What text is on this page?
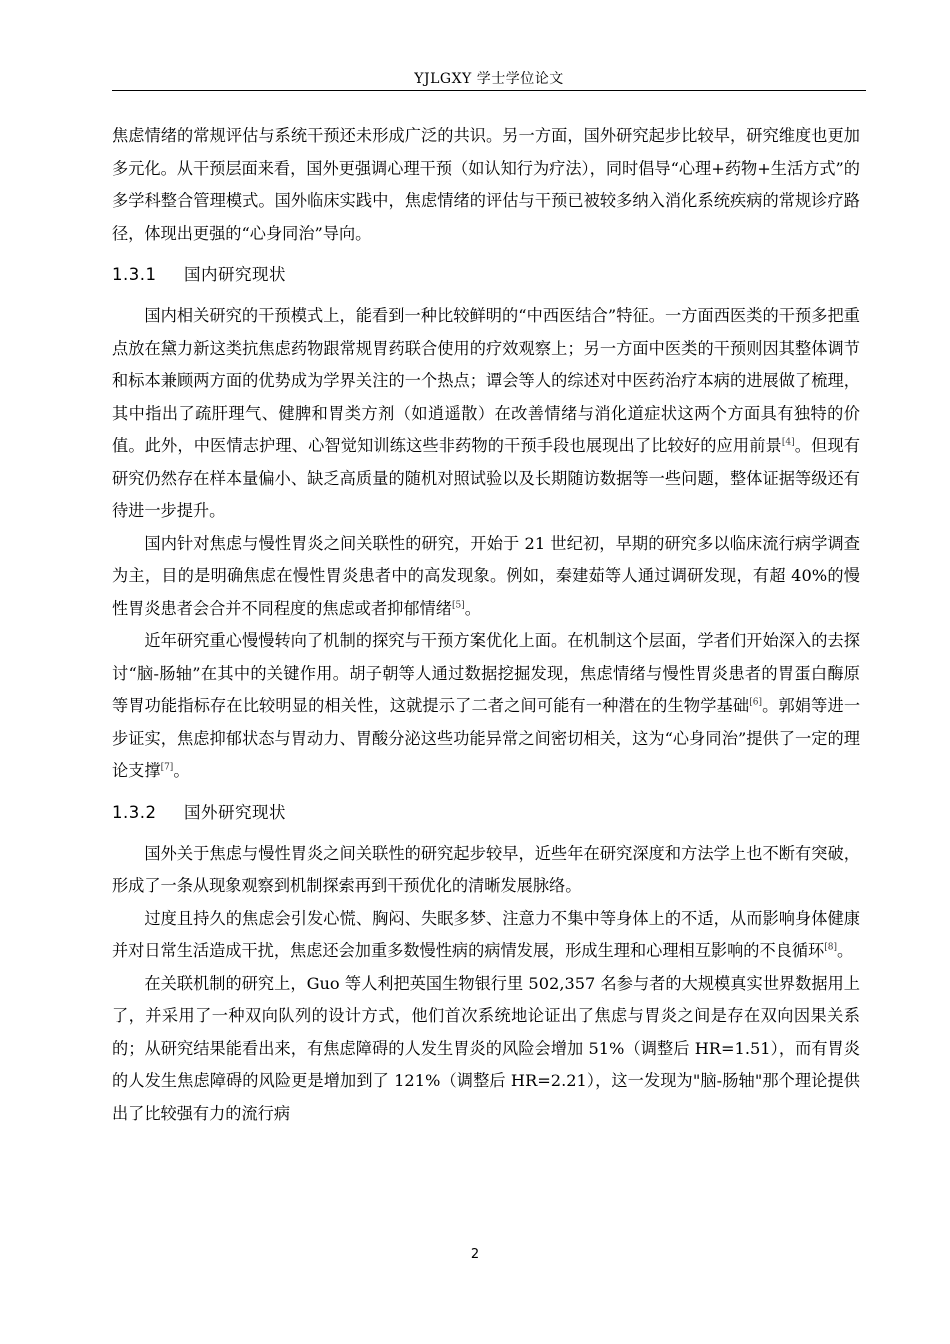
YJLGXY 学士学位论文

焦虑情绪的常规评估与系统干预还未形成广泛的共识。另一方面，国外研究起步比较早，研究维度也更加多元化。从干预层面来看，国外更强调心理干预（如认知行为疗法），同时倡导“心理+药物+生活方式”的多学科整合管理模式。国外临床实践中，焦虑情绪的评估与干预已被较多纳入消化系统疾病的常规诊疗路径，体现出更强的“心身同治”导向。

1.3.1 国内研究现状

国内相关研究的干预模式上，能看到一种比较鲜明的“中西医结合”特征。一方面西医类的干预多把重点放在黛力新这类抗焦虑药物跟常规胃药联合使用的疗效观察上；另一方面中医类的干预则因其整体调节和标本兼顾两方面的优势成为学界关注的一个热点；谭会等人的综述对中医药治疗本病的进展做了梳理，其中指出了疏肝理气、健脾和胃类方剂（如逍遥散）在改善情绪与消化道症状这两个方面具有独特的价值。此外，中医情志护理、心智觉知训练这些非药物的干预手段也展现出了比较好的应用前景[4]。但现有研究仍然存在样本量偏小、缺乏高质量的随机对照试验以及长期随访数据等一些问题，整体证据等级还有待进一步提升。

国内针对焦虑与慢性胃炎之间关联性的研究，开始于 21 世纪初，早期的研究多以临床流行病学调查为主，目的是明确焦虑在慢性胃炎患者中的高发现象。例如，秦建茹等人通过调研发现，有超 40%的慢性胃炎患者会合并不同程度的焦虑或者抑郁情绪[5]。

近年研究重心慢慢转向了机制的探究与干预方案优化上面。在机制这个层面，学者们开始深入的去探讨“脑-肠轴”在其中的关键作用。胡子朝等人通过数据挖掘发现，焦虑情绪与慢性胃炎患者的胃蛋白酶原等胃功能指标存在比较明显的相关性，这就提示了二者之间可能有一种潜在的生物学基础[6]。郭娟等进一步证实，焦虑抑郁状态与胃动力、胃酸分泌这些功能异常之间密切相关，这为“心身同治”提供了一定的理论支撑[7]。

1.3.2 国外研究现状

国外关于焦虑与慢性胃炎之间关联性的研究起步较早，近些年在研究深度和方法学上也不断有突破，形成了一条从现象观察到机制探索再到干预优化的清晰发展脉络。

过度且持久的焦虑会引发心慌、胸闷、失眠多梦、注意力不集中等身体上的不适，从而影响身体健康并对日常生活造成干扰，焦虑还会加重多数慢性病的病情发展，形成生理和心理相互影响的不良循环[8]。

在关联机制的研究上，Guo 等人利把英国生物银行里 502,357 名参与者的大规模真实世界数据用上了，并采用了一种双向队列的设计方式，他们首次系统地论证出了焦虑与胃炎之间是存在双向因果关系的；从研究结果能看出来，有焦虑障碍的人发生胃炎的风险会增加 51%（调整后 HR=1.51），而有胃炎的人发生焦虑障碍的风险更是增加到了 121%（调整后 HR=2.21），这一发现为"脑-肠轴"那个理论提供出了比较强有力的流行病

2
